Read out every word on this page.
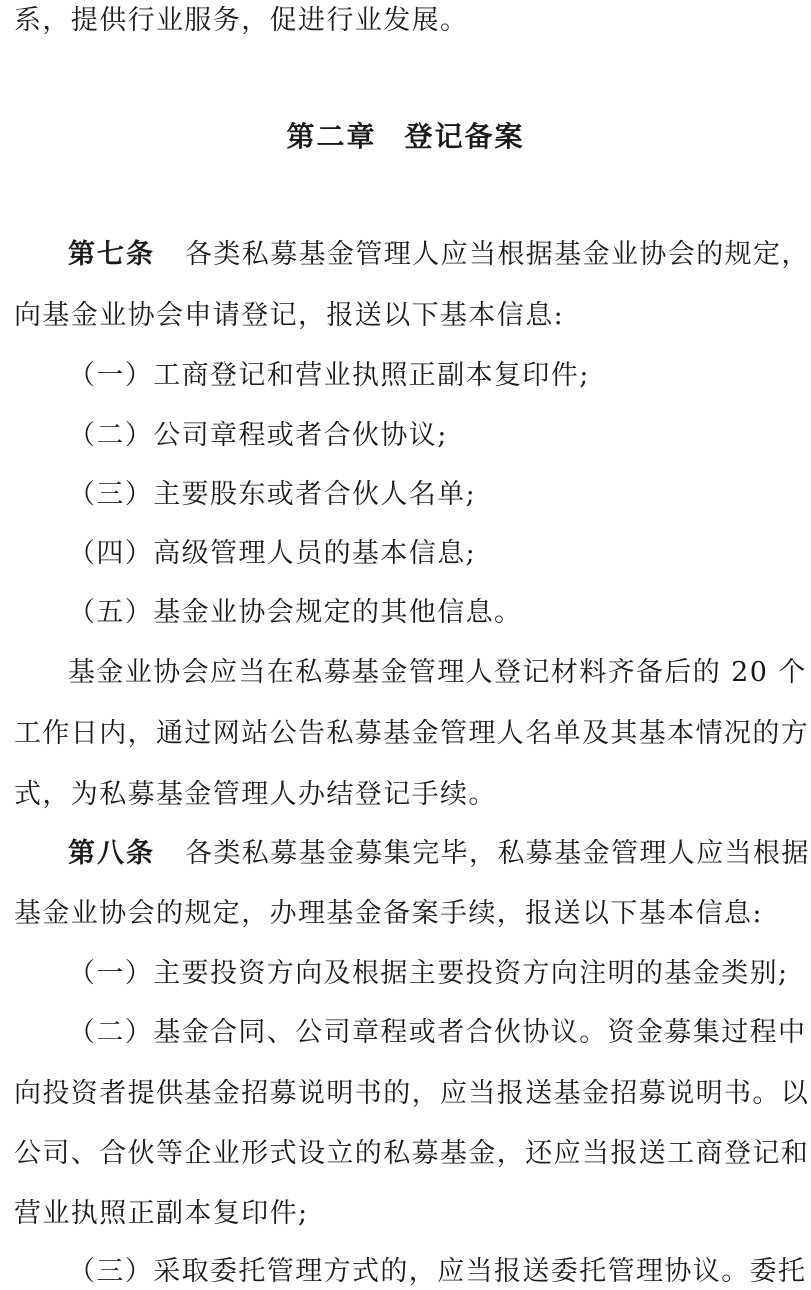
系，提供行业服务，促进行业发展。
第二章 登记备案
第七条 各类私募基金管理人应当根据基金业协会的规定，
向基金业协会申请登记，报送以下基本信息:
（一）工商登记和营业执照正副本复印件;
（二）公司章程或者合伙协议;
（三）主要股东或者合伙人名单;
（四）高级管理人员的基本信息;
（五）基金业协会规定的其他信息。
基金业协会应当在私募基金管理人登记材料齐备后的 20 个
工作日内，通过网站公告私募基金管理人名单及其基本情况的方
式，为私募基金管理人办结登记手续。
第八条 各类私募基金募集完毕，私募基金管理人应当根据
基金业协会的规定，办理基金备案手续，报送以下基本信息:
（一）主要投资方向及根据主要投资方向注明的基金类别;
（二）基金合同、公司章程或者合伙协议。资金募集过程中
向投资者提供基金招募说明书的，应当报送基金招募说明书。以
公司、合伙等企业形式设立的私募基金，还应当报送工商登记和
营业执照正副本复印件;
（三）采取委托管理方式的，应当报送委托管理协议。委托
